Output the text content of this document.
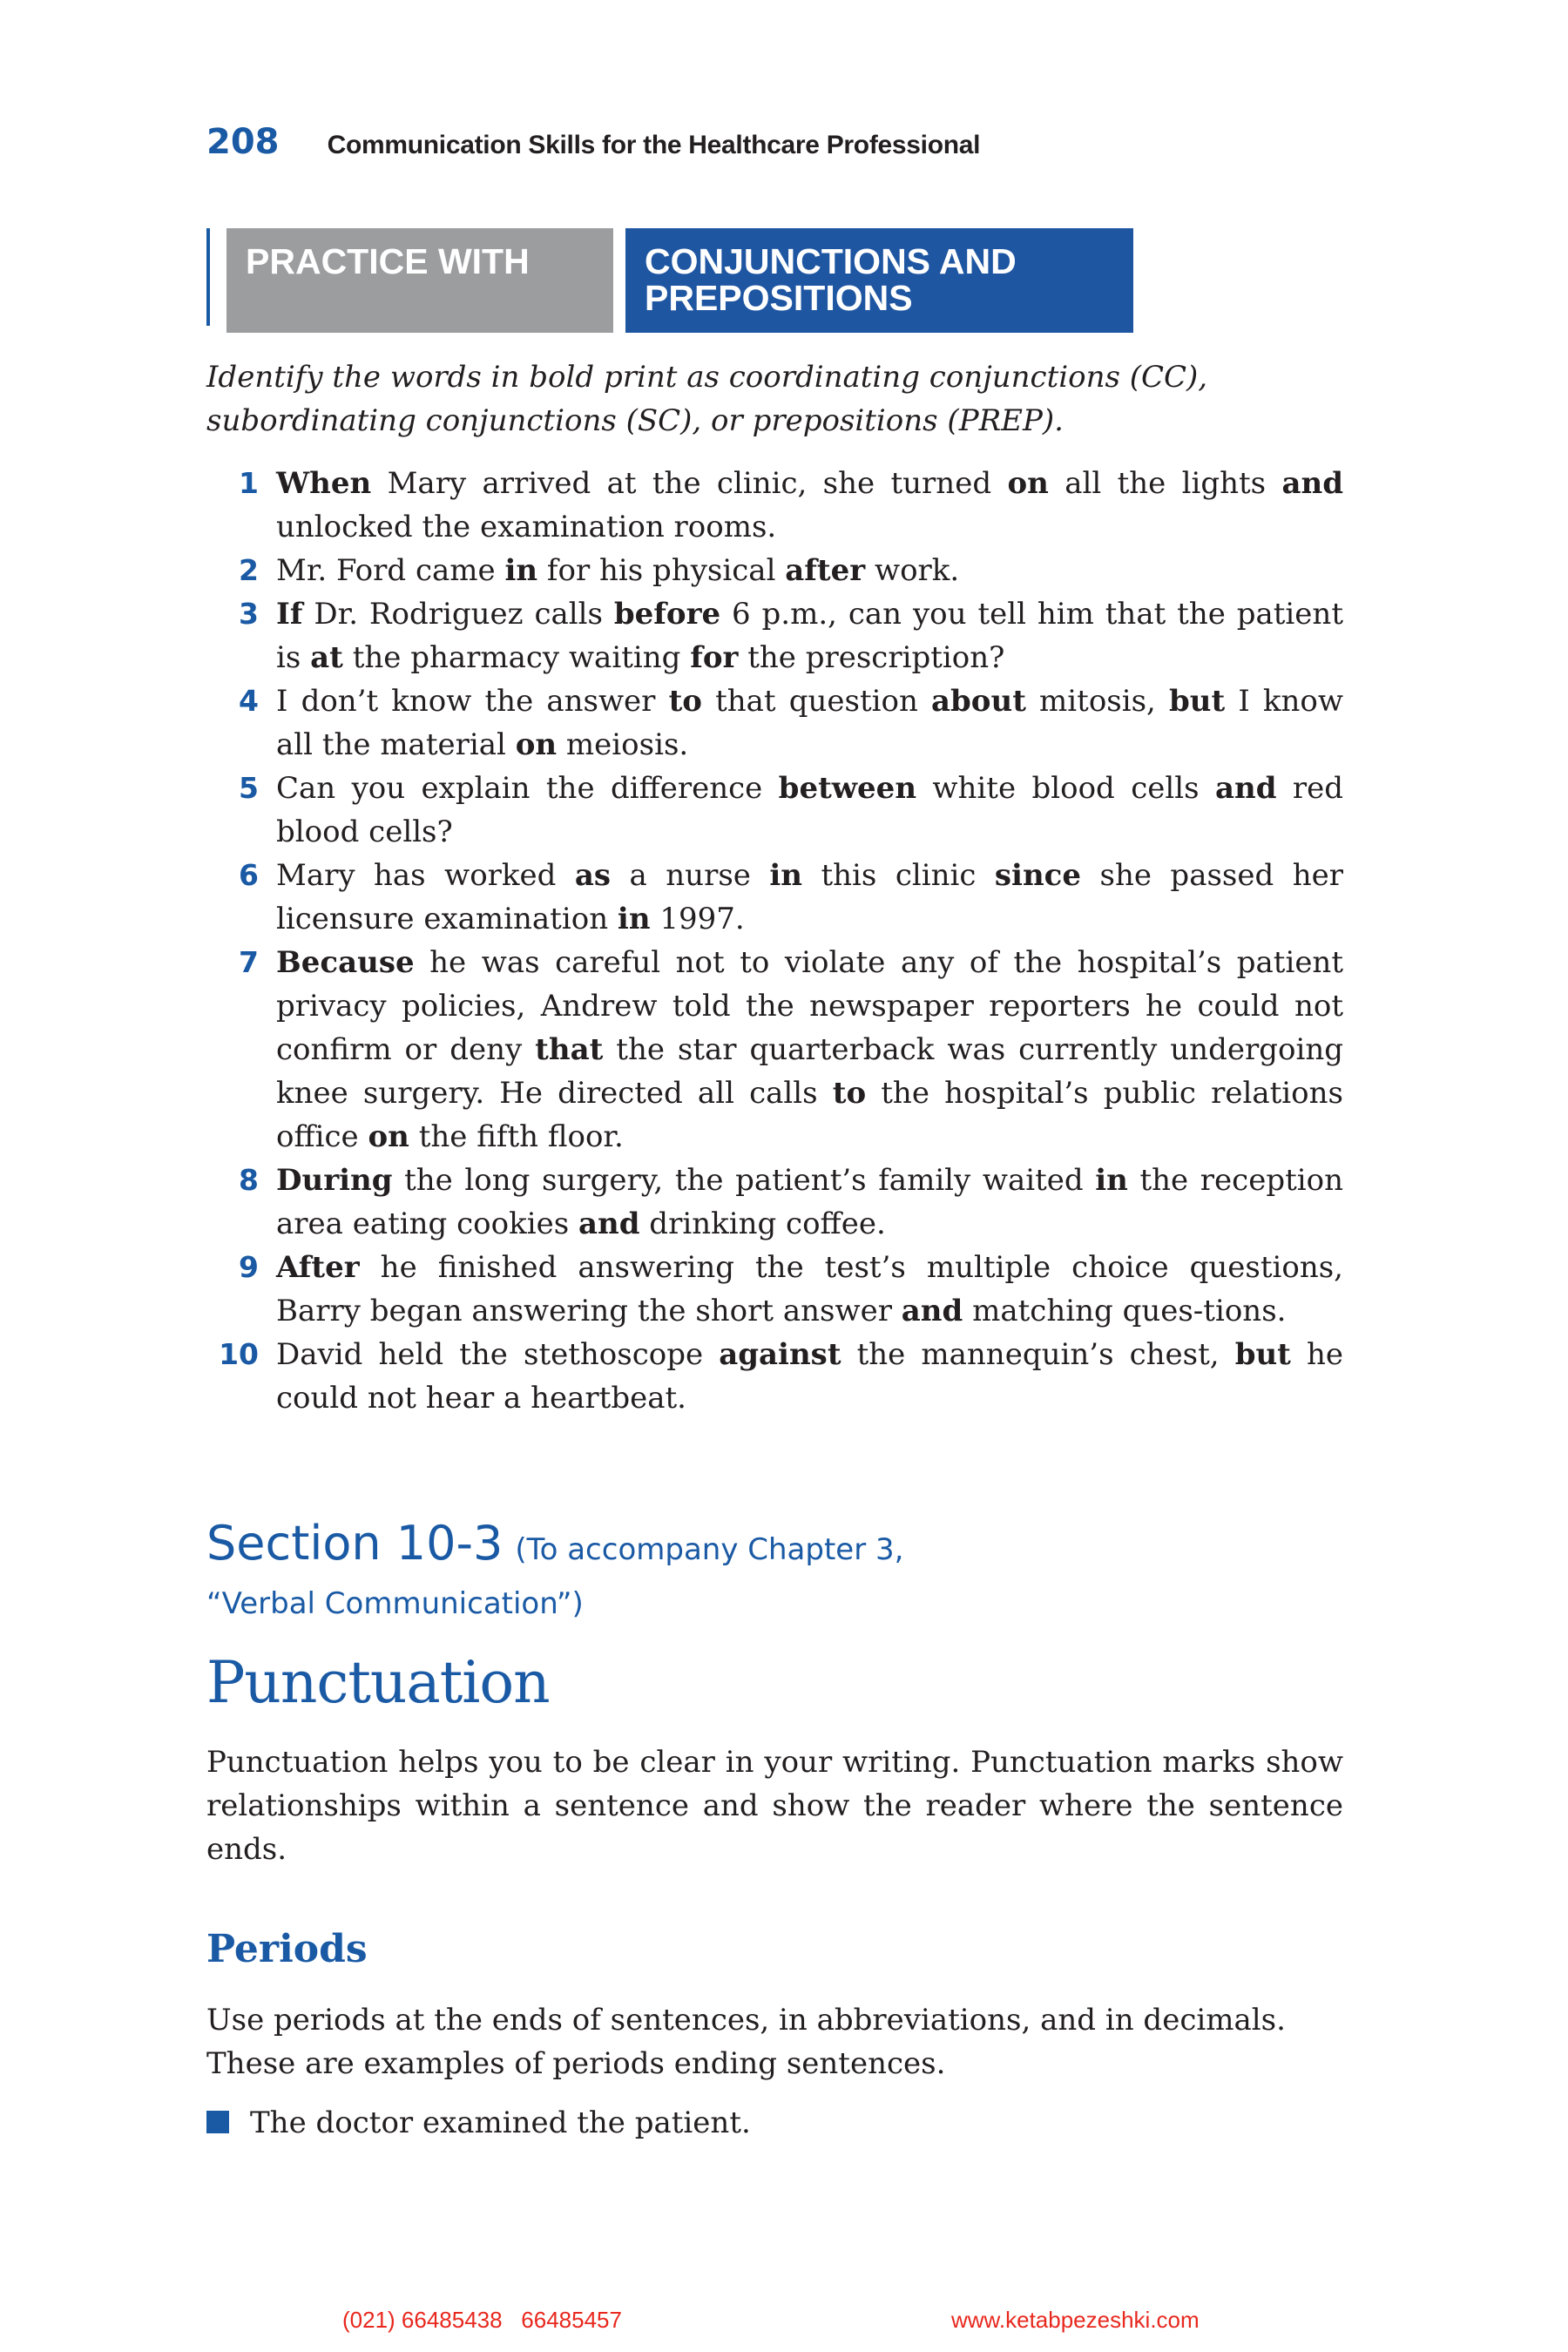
208 Communication Skills for the Healthcare Professional
PRACTICE WITH	CONJUNCTIONS AND
PREPOSITIONS
Identify the words in bold print as coordinating conjunctions (CC), subordinating conjunctions (SC), or prepositions (PREP).
1 When Mary arrived at the clinic, she turned on all the lights and unlocked the examination rooms.
2 Mr. Ford came in for his physical after work.
3 If Dr. Rodriguez calls before 6 p.m., can you tell him that the patient is at the pharmacy waiting for the prescription?
4 I don’t know the answer to that question about mitosis, but I know all the material on meiosis.
5 Can you explain the difference between white blood cells and red blood cells?
6 Mary has worked as a nurse in this clinic since she passed her licensure examination in 1997.
7 Because he was careful not to violate any of the hospital’s patient privacy policies, Andrew told the newspaper reporters he could not confirm or deny that the star quarterback was currently undergoing knee surgery. He directed all calls to the hospital’s public relations office on the fifth floor.
8 During the long surgery, the patient’s family waited in the reception area eating cookies and drinking coffee.
9 After he finished answering the test’s multiple choice questions, Barry began answering the short answer and matching ques-tions.
10 David held the stethoscope against the mannequin’s chest, but he could not hear a heartbeat.
Section 10-3 (To accompany Chapter 3,
“Verbal Communication”)
Punctuation
Punctuation helps you to be clear in your writing. Punctuation marks show relationships within a sentence and show the reader where the sentence ends.
Periods
Use periods at the ends of sentences, in abbreviations, and in decimals. These are examples of periods ending sentences.
The doctor examined the patient.
(021) 66485438   66485457	www.ketabpezeshki.com
